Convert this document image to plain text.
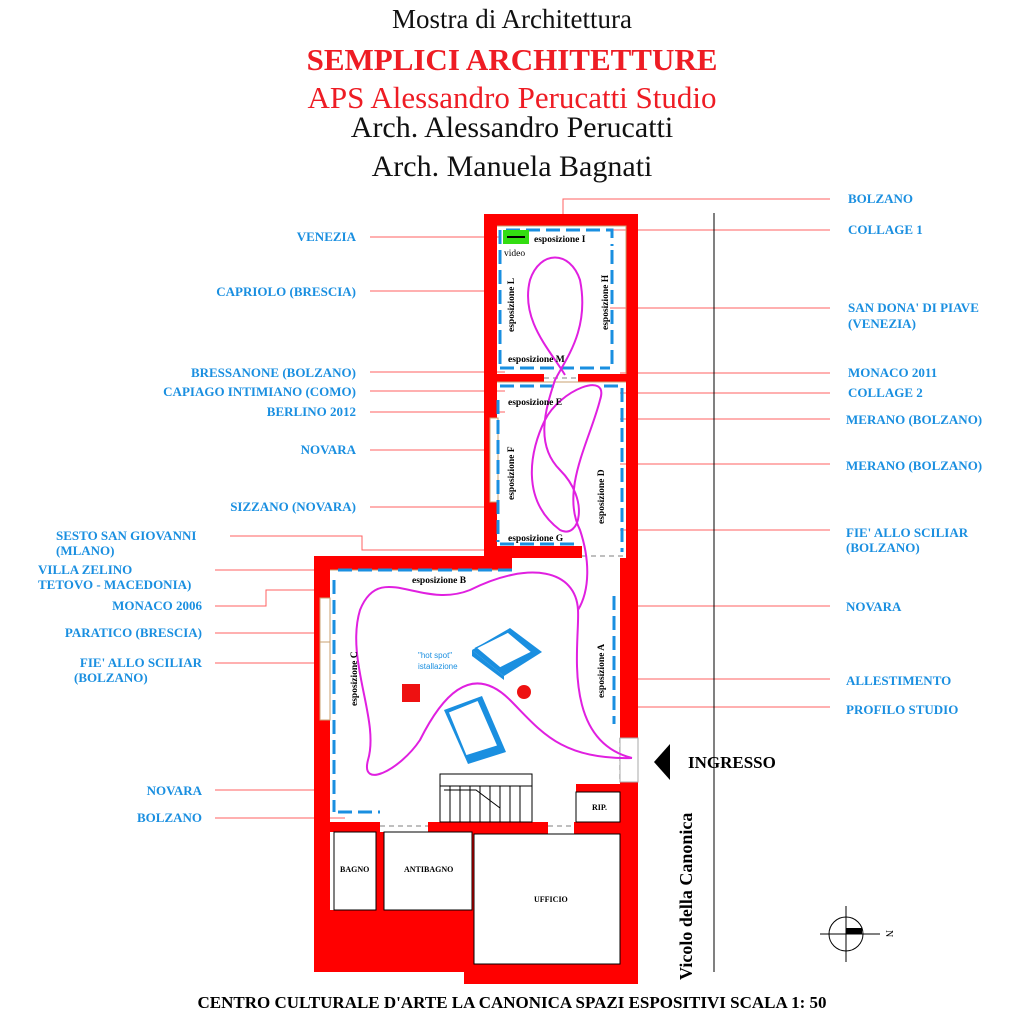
Mostra di Architettura
SEMPLICI ARCHITETTURE
APS Alessandro Perucatti Studio
Arch. Alessandro Perucatti
Arch. Manuela Bagnati
INGRESSO
Vicolo della Canonica	N
esposizione I
esposizione L	esposizione H
esposizione M
esposizione E
esposizione F	esposizione D
esposizione G
esposizione B
esposizione C	esposizione A
video
"hot spot"
istallazione
BAGNO	ANTIBAGNO
UFFICIO
RIP.
VENEZIA
CAPRIOLO (BRESCIA)
BRESSANONE (BOLZANO)
CAPIAGO INTIMIANO (COMO)
BERLINO 2012
NOVARA
SIZZANO (NOVARA)
SESTO SAN GIOVANNI
(MLANO)
VILLA ZELINO
TETOVO - MACEDONIA)
MONACO 2006
PARATICO (BRESCIA)
FIE' ALLO SCILIAR
NOVARA
BOLZANO
(BOLZANO)
BOLZANO
COLLAGE 1
SAN DONA' DI PIAVE
(VENEZIA)
MONACO 2011
COLLAGE 2
MERANO (BOLZANO)
MERANO (BOLZANO)
FIE' ALLO SCILIAR
(BOLZANO)
NOVARA
ALLESTIMENTO
PROFILO STUDIO
CENTRO CULTURALE D'ARTE LA CANONICA SPAZI ESPOSITIVI SCALA 1: 50
